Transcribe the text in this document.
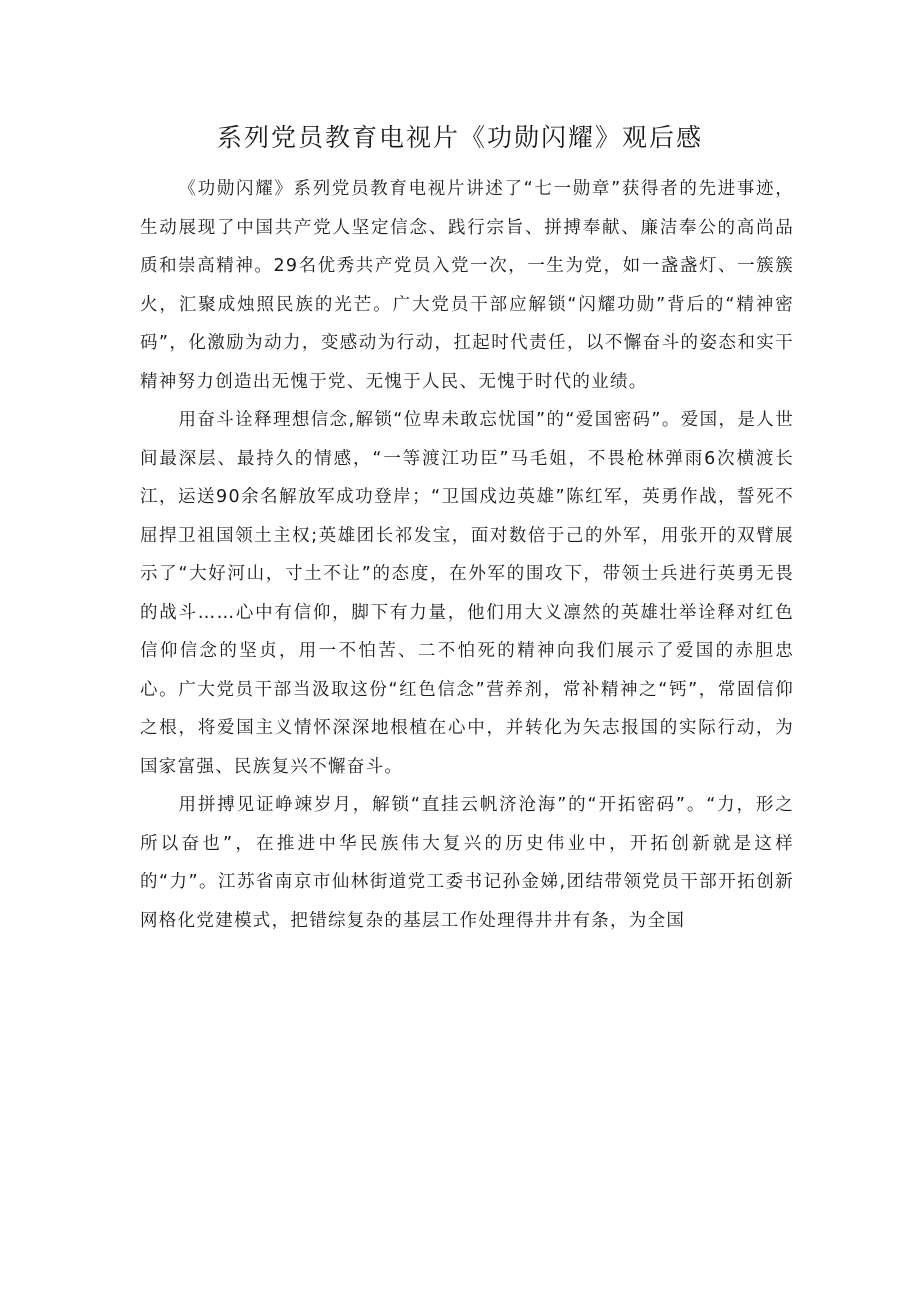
系列党员教育电视片《功勋闪耀》观后感

《功勋闪耀》系列党员教育电视片讲述了“七一勋章”获得者的先进事迹，生动展现了中国共产党人坚定信念、践行宗旨、拼搏奉献、廉洁奉公的高尚品质和崇高精神。29名优秀共产党员入党一次，一生为党，如一盏盏灯、一簇簇火，汇聚成烛照民族的光芒。广大党员干部应解锁“闪耀功勋”背后的“精神密码”，化激励为动力，变感动为行动，扛起时代责任，以不懈奋斗的姿态和实干精神努力创造出无愧于党、无愧于人民、无愧于时代的业绩。

用奋斗诠释理想信念,解锁“位卑未敢忘忧国”的“爱国密码”。爱国，是人世间最深层、最持久的情感，“一等渡江功臣”马毛姐，不畏枪林弹雨6次横渡长江，运送90余名解放军成功登岸；“卫国戍边英雄”陈红军，英勇作战，誓死不屈捍卫祖国领土主权;英雄团长祁发宝，面对数倍于己的外军，用张开的双臂展示了“大好河山，寸土不让”的态度，在外军的围攻下，带领士兵进行英勇无畏的战斗……心中有信仰，脚下有力量，他们用大义凛然的英雄壮举诠释对红色信仰信念的坚贞，用一不怕苦、二不怕死的精神向我们展示了爱国的赤胆忠心。广大党员干部当汲取这份“红色信念”营养剂，常补精神之“钙”，常固信仰之根，将爱国主义情怀深深地根植在心中，并转化为矢志报国的实际行动，为国家富强、民族复兴不懈奋斗。

用拼搏见证峥竦岁月，解锁“直挂云帆济沧海”的“开拓密码”。“力，形之所以奋也”，在推进中华民族伟大复兴的历史伟业中，开拓创新就是这样的“力”。江苏省南京市仙林街道党工委书记孙金娣,团结带领党员干部开拓创新网格化党建模式，把错综复杂的基层工作处理得井井有条，为全国
